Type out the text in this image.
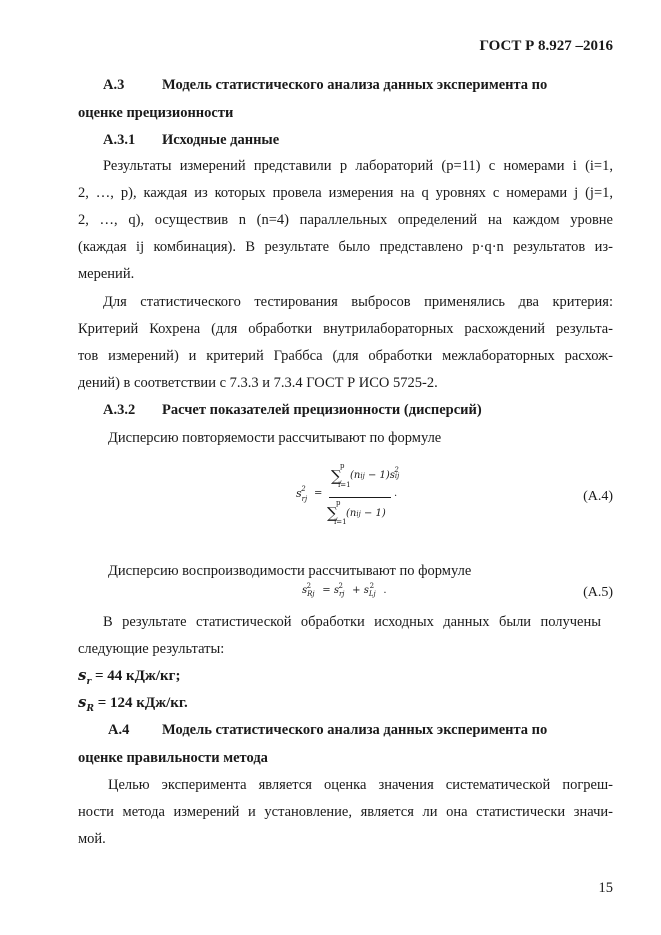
ГОСТ Р 8.927 –2016
А.3	Модель статистического анализа данных эксперимента по
оценке прецизионности
А.3.1 Исходные данные
Результаты измерений представили p лабораторий (p=11) с номерами i (i=1,
2, …, p), каждая из которых провела измерения на q уровнях с номерами j (j=1,
2, …, q), осуществив n (n=4) параллельных определений на каждом уровне
(каждая ij комбинация). В результате было представлено p·q·n результатов из-
мерений.
Для статистического тестирования выбросов применялись два критерия:
Критерий Кохрена (для обработки внутрилабораторных расхождений результа-
тов измерений) и критерий Граббса (для обработки межлабораторных расхож-
дений) в соответствии с 7.3.3 и 7.3.4 ГОСТ Р ИСО 5725-2.
А.3.2 Расчет показателей прецизионности (дисперсий)
Дисперсию повторяемости рассчитывают по формуле
$s_{rj}^2$ =
p
∑
i=1
(nij − 1)sij$^2$
p
∑
i=1
(nij − 1)
.	(А.4)
Дисперсию воспроизводимости рассчитывают по формуле
$s_{Rj}^2 = s_{rj}^2 + s_{Lj}^2$ .	(А.5)
В результате статистической обработки исходных данных были получены
следующие результаты:
$s_r = 44$ кДж/кг;
$s_R = 124$ кДж/кг.
А.4 Модель статистического анализа данных эксперимента по
оценке правильности метода
Целью эксперимента является оценка значения систематической погреш-
ности метода измерений и установление, является ли она статистически значи-
мой.
15
